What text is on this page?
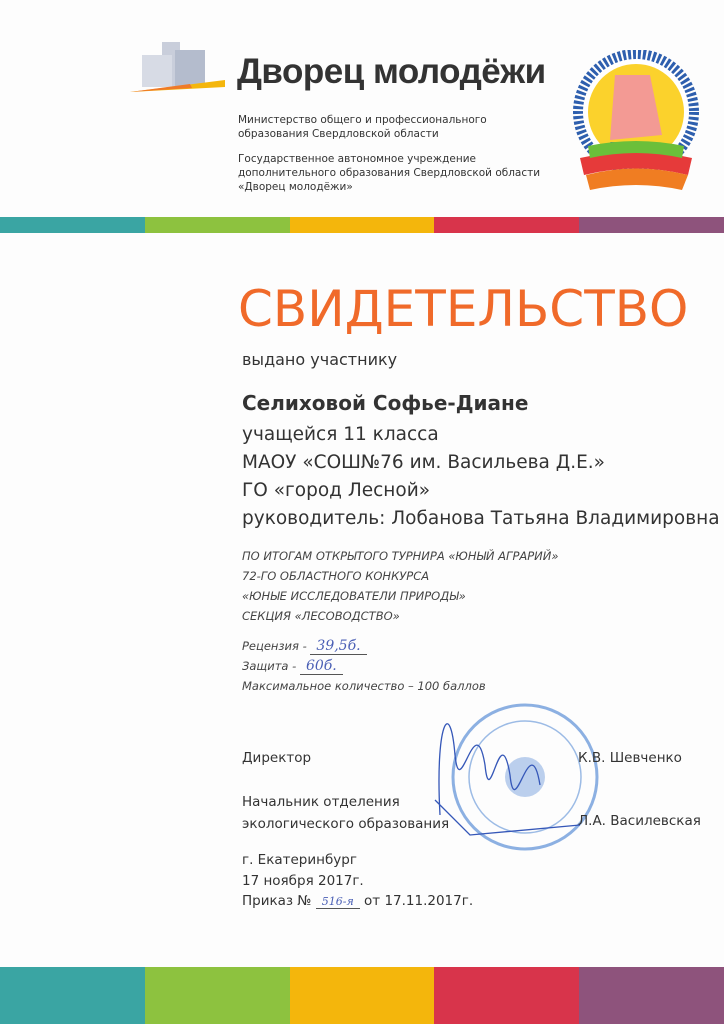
Дворец молодёжи
Министерство общего и профессионального
образования Свердловской области
Государственное автономное учреждение
дополнительного образования Свердловской области
«Дворец молодёжи»
СВИДЕТЕЛЬСТВО
выдано участнику
Селиховой Софье-Диане
учащейся 11 класса
МАОУ «СОШ№76 им. Васильева Д.Е.»
ГО «город Лесной»
руководитель: Лобанова Татьяна Владимировна
ПО ИТОГАМ ОТКРЫТОГО ТУРНИРА «ЮНЫЙ АГРАРИЙ»
72-ГО ОБЛАСТНОГО КОНКУРСА
«ЮНЫЕ ИССЛЕДОВАТЕЛИ ПРИРОДЫ»
СЕКЦИЯ «ЛЕСОВОДСТВО»
Рецензия - 39,5б.
Защита - 60б.
Максимальное количество – 100 баллов
Директор	К.В. Шевченко
Начальник отделения
экологического образования	Л.А. Василевская
г. Екатеринбург
17 ноября 2017г.
Приказ № 516-я от 17.11.2017г.
